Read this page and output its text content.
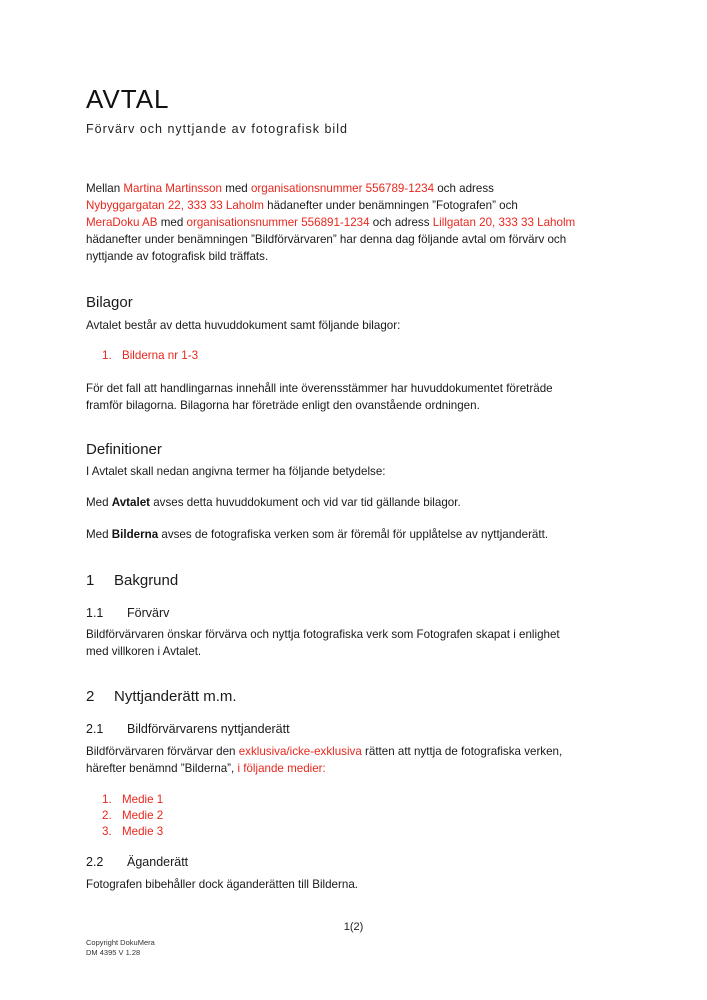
AVTAL
Förvärv och nyttjande av fotografisk bild
Mellan Martina Martinsson med organisationsnummer 556789-1234 och adress
Nybyggargatan 22, 333 33 Laholm hädanefter under benämningen ”Fotografen” och
MeraDoku AB med organisationsnummer 556891-1234 och adress Lillgatan 20, 333 33 Laholm
hädanefter under benämningen ”Bildförvärvaren” har denna dag följande avtal om förvärv och
nyttjande av fotografisk bild träffats.
Bilagor
Avtalet består av detta huvuddokument samt följande bilagor:
1. Bilderna nr 1-3
För det fall att handlingarnas innehåll inte överensstämmer har huvuddokumentet företräde
framför bilagorna. Bilagorna har företräde enligt den ovanstående ordningen.
Definitioner
I Avtalet skall nedan angivna termer ha följande betydelse:
Med Avtalet avses detta huvuddokument och vid var tid gällande bilagor.
Med Bilderna avses de fotografiska verken som är föremål för upplåtelse av nyttjanderätt.
1 Bakgrund
1.1 Förvärv
Bildförvärvaren önskar förvärva och nyttja fotografiska verk som Fotografen skapat i enlighet
med villkoren i Avtalet.
2 Nyttjanderätt m.m.
2.1 Bildförvärvarens nyttjanderätt
Bildförvärvaren förvärvar den exklusiva/icke-exklusiva rätten att nyttja de fotografiska verken,
härefter benämnd ”Bilderna”, i följande medier:
1. Medie 1
2. Medie 2
3. Medie 3
2.2 Äganderätt
Fotografen bibehåller dock äganderätten till Bilderna.
1(2)
Copyright DokuMera
DM 4395 V 1.28
